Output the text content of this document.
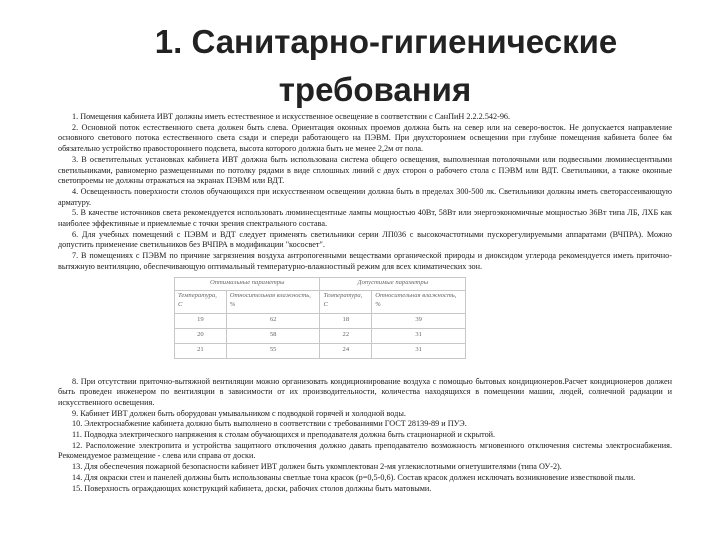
1. Санитарно-гигиенические
требования

1. Помещения кабинета ИВТ должны иметь естественное и искусственное освещение в соответствии с СанПиН 2.2.2.542-96.

2. Основной поток естественного света должен быть слева. Ориентация оконных проемов должна быть на север или на северо-восток. Не допускается направление основного светового потока естественного света сзади и спереди работающего на ПЭВМ. При двухстороннем освещении при глубине помещения кабинета более 6м обязательно устройство правостороннего подсвета, высота которого должна быть не менее 2,2м от пола.

3. В осветительных установках кабинета ИВТ должна быть использована система общего освещения, выполненная потолочными или подвесными люминесцентными светильниками, равномерно размещенными по потолку рядами в виде сплошных линий с двух сторон о рабочего стола с ПЭВМ или ВДТ. Светильники, а также оконные светопроемы не должны отражаться на экранах ПЭВМ или ВДТ.

4. Освещенность поверхности столов обучающихся при искусственном освещении должна быть в пределах 300-500 лк. Светильники должны иметь светорассеивающую арматуру.

5. В качестве источников света рекомендуется использовать люминесцентные лампы мощностью 40Вт, 58Вт или энергоэкономичные мощностью 36Вт типа ЛБ, ЛХБ как наиболее эффективные и приемлемые с точки зрения спектрального состава.

6. Для учебных помещений с ПЭВМ и ВДТ следует применять светильники серии ЛП036 с высокочастотными пускорегулируемыми аппаратами (ВЧПРА). Можно допустить применение светильников без ВЧПРА в модификации "кососвет".

7. В помещениях с ПЭВМ по причине загрязнения воздуха антропогенными веществами органической природы и диоксидом углерода рекомендуется иметь приточно-вытяжную вентиляцию, обеспечивающую оптимальный температурно-влажностный режим для всех климатических зон.

Оптимальные параметры		Допустимые параметры	
Температура, С	Относительная влажность, %	Температура, С	Относительная влажность, %
19	62	18	39
20	58	22	31
21	55	24	31

8. При отсутствии приточно-вытяжной вентиляции можно организовать кондиционирование воздуха с помощью бытовых кондиционеров.Расчет кондиционеров должен быть проведен инженером по вентиляции в зависимости от их производительности, количества находящихся в помещении машин, людей, солнечной радиации и искусственного освещения.

9. Кабинет ИВТ должен быть оборудован умывальником с подводкой горячей и холодной воды.

10. Электроснабжение кабинета должно быть выполнено в соответствии с требованиями ГОСТ 28139-89 и ПУЭ.

11. Подводка электрического напряжения к столам обучающихся и преподавателя должна быть стационарной и скрытой.

12. Расположение электропита и устройства защитного отключения должно давать преподавателю возможность мгновенного отключения системы электроснабжения. Рекомендуемое размещение - слева или справа от доски.

13. Для обеспечения пожарной безопасности кабинет ИВТ должен быть укомплектован 2-мя углекислотными огнетушителями (типа ОУ-2).

14. Для окраски стен и панелей должны быть использованы светлые тона красок (р=0,5-0,6). Состав красок должен исключать возникновение известковой пыли.

15. Поверхность ограждающих конструкций кабинета, доски, рабочих столов должны быть матовыми.
